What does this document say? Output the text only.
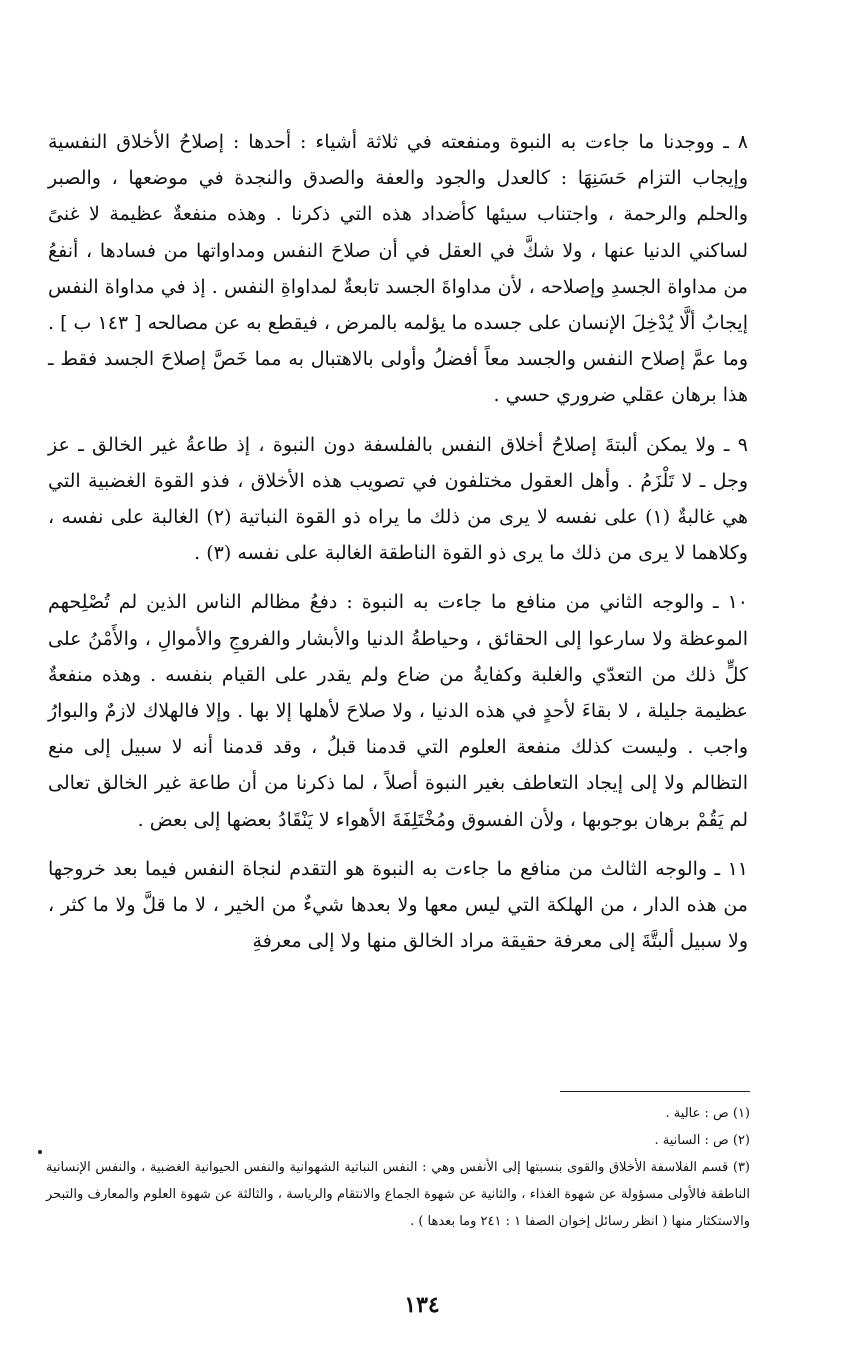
٨ ـ ووجدنا ما جاءت به النبوة ومنفعته في ثلاثة أشياء : أحدها : إصلاحُ الأخلاق النفسية وإيجاب التزام حَسَنِهَا : كالعدل والجود والعفة والصدق والنجدة في موضعها ، والصبر والحلم والرحمة ، واجتناب سيئها كأضداد هذه التي ذكرنا . وهذه منفعةٌ عظيمة لا غنىً لساكني الدنيا عنها ، ولا شكَّ في العقل في أن صلاحَ النفس ومداواتها من فسادها ، أنفعُ من مداواة الجسدِ وإصلاحه ، لأن مداواةَ الجسد تابعةٌ لمداواةِ النفس . إذ في مداواة النفس إيجابُ ألَّا يُدْخِلَ الإنسان على جسده ما يؤلمه بالمرض ، فيقطع به عن مصالحه [ ١٤٣ ب ] . وما عمَّ إصلاح النفس والجسد معاً أفضلُ وأولى بالاهتبال به مما خَصَّ إصلاحَ الجسد فقط ـ هذا برهان عقلي ضروري حسي .

٩ ـ ولا يمكن ألبتةَ إصلاحُ أخلاق النفس بالفلسفة دون النبوة ، إذ طاعةُ غير الخالق ـ عز وجل ـ لا تَلْزَمُ . وأهل العقول مختلفون في تصويب هذه الأخلاق ، فذو القوة الغضبية التي هي غالبةٌ (١) على نفسه لا يرى من ذلك ما يراه ذو القوة النباتية (٢) الغالبة على نفسه ، وكلاهما لا يرى من ذلك ما يرى ذو القوة الناطقة الغالبة على نفسه (٣) .

١٠ ـ والوجه الثاني من منافع ما جاءت به النبوة : دفعُ مظالم الناس الذين لم تُصْلِحهم الموعظة ولا سارعوا إلى الحقائق ، وحياطةُ الدنيا والأبشار والفروجِ والأموالِ ، والأَمْنُ على كلٍّ ذلك من التعدّي والغلبة وكفايةُ من ضاع ولم يقدر على القيام بنفسه . وهذه منفعةٌ عظيمة جليلة ، لا بقاءَ لأحدٍ في هذه الدنيا ، ولا صلاحَ لأهلها إلا بها . وإلا فالهلاك لازمٌ والبوارُ واجب . وليست كذلك منفعة العلوم التي قدمنا قبلُ ، وقد قدمنا أنه لا سبيل إلى منع التظالم ولا إلى إيجاد التعاطف بغير النبوة أصلاً ، لما ذكرنا من أن طاعة غير الخالق تعالى لم يَقُمْ برهان بوجوبها ، ولأن الفسوق ومُخْتَلِفَةَ الأهواء لا يَنْقَادُ بعضها إلى بعض .

١١ ـ والوجه الثالث من منافع ما جاءت به النبوة هو التقدم لنجاة النفس فيما بعد خروجها من هذه الدار ، من الهلكة التي ليس معها ولا بعدها شيءٌ من الخير ، لا ما قلَّ ولا ما كثر ، ولا سبيل ألبتَّةَ إلى معرفة حقيقة مراد الخالق منها ولا إلى معرفةِ

(١) ص : عالية .

(٢) ص : السانية .

(٣) قسم الفلاسفة الأخلاق والقوى بنسبتها إلى الأنفس وهي : النفس النباتية الشهوانية والنفس الحيوانية الغضبية ، والنفس الإنسانية الناطقة فالأولى مسؤولة عن شهوة الغذاء ، والثانية عن شهوة الجماع والانتقام والرياسة ، والثالثة عن شهوة العلوم والمعارف والتبحر والاستكثار منها ( انظر رسائل إخوان الصفا ١ : ٢٤١ وما بعدها ) .

١٣٤
